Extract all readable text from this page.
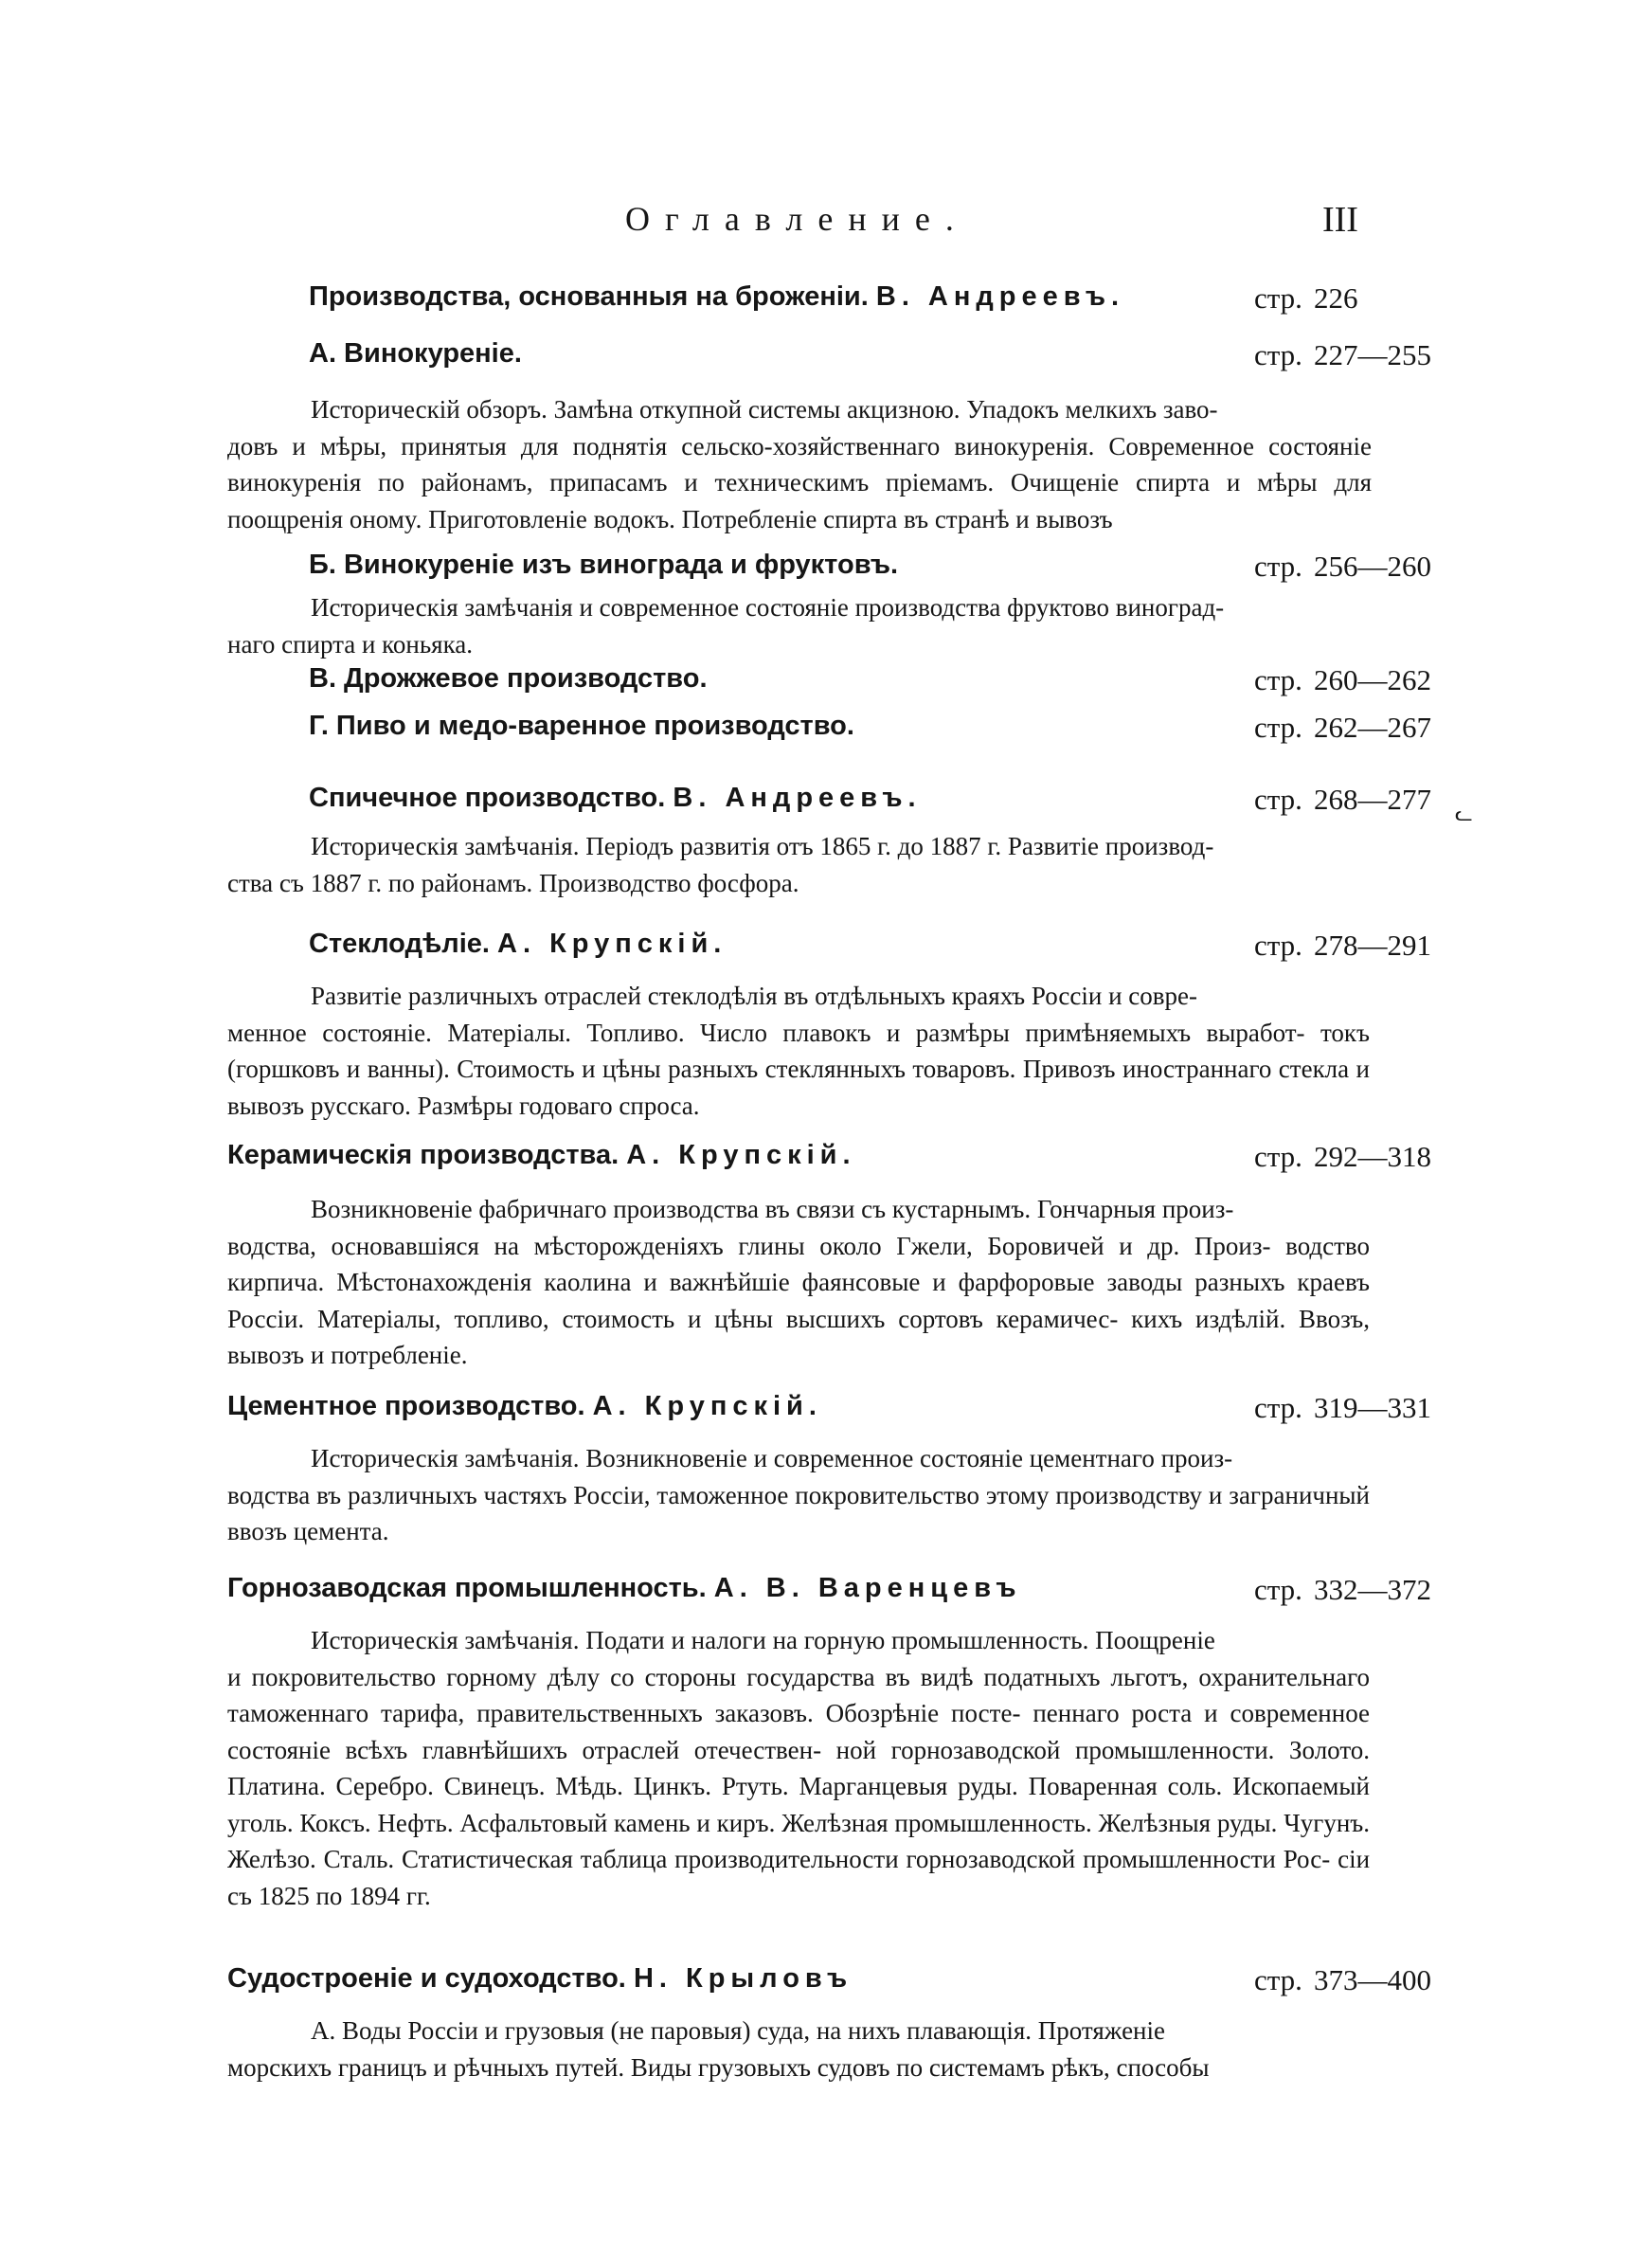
Оглавление.	III
Производства, основанныя на броженіи. В. Андреевъ.	стр. 226
А. Винокуреніе.	стр. 227—255
Историческій обзоръ. Замѣна откупной системы акцизною. Упадокъ мелкихъ заво-
довъ и мѣры, принятыя для поднятія сельско-хозяйственнаго винокуренія. Современное состояніе винокуренія по районамъ, припасамъ и техническимъ пріемамъ. Очищеніе спирта и мѣры для поощренія ономy. Приготовленіе водокъ. Потребленіе спирта въ странѣ и вывозъ
Б. Винокуреніе изъ винограда и фруктовъ.	стр. 256—260
Историческія замѣчанія и современное состояніе производства фруктово виноград-
наго спирта и коньяка.
В. Дрожжевое производство.	стр. 260—262
Г. Пиво и медо-варенное производство.	стр. 262—267
Спичечное производство. В. Андреевъ.	стр. 268—277
Историческія замѣчанія. Періодъ развитія отъ 1865 г. до 1887 г. Развитіе производ-
ства съ 1887 г. по районамъ. Производство фосфора.
ᓚ
Стеклодѣліе. А. Крупскій.	стр. 278—291
Развитіе различныхъ отраслей стеклодѣлія въ отдѣльныхъ краяхъ Россіи и совре-
менное состояніе. Матеріалы. Топливо. Число плавокъ и размѣры примѣняемыхъ выработ- токъ (горшковъ и ванны). Стоимость и цѣны разныхъ стеклянныхъ товаровъ. Привозъ иностраннаго стекла и вывозъ русскаго. Размѣры годоваго спроса.
Керамическія производства. А. Крупскій.	стр. 292—318
Возникновеніе фабричнаго производства въ связи съ кустарнымъ. Гончарныя произ-
водства, основавшіяся на мѣсторожденіяхъ глины около Гжели, Боровичей и др. Произ- водство кирпича. Мѣстонахожденія каолина и важнѣйшіе фаянсовые и фарфоровые заводы разныхъ краевъ Россіи. Матеріалы, топливо, стоимость и цѣны высшихъ сортовъ керамичес- кихъ издѣлій. Ввозъ, вывозъ и потребленіе.
Цементное производство. А. Крупскій.	стр. 319—331
Историческія замѣчанія. Возникновеніе и современное состояніе цементнаго произ-
водства въ различныхъ частяхъ Россіи, таможенное покровительство этому производству и заграничный ввозъ цемента.
Горнозаводская промышленность. А. В. Варенцевъ	стр. 332—372
Историческія замѣчанія. Подати и налоги на горную промышленность. Поощреніе
и покровительство горному дѣлу со стороны государства въ видѣ податныхъ льготъ, охранительнаго таможеннаго тарифа, правительственныхъ заказовъ. Обозрѣніе посте- пеннаго роста и современное состояніе всѣхъ главнѣйшихъ отраслей отечествен- ной горнозаводской промышленности. Золото. Платина. Серебро. Свинецъ. Мѣдь. Цинкъ. Ртуть. Марганцевыя руды. Поваренная соль. Ископаемый уголь. Коксъ. Нефть. Асфальтовый камень и киръ. Желѣзная промышленность. Желѣзныя руды. Чугунъ. Желѣзо. Сталь. Статистическая таблица производительности горнозаводской промышленности Рос- сіи съ 1825 по 1894 гг.
Судостроеніе и судоходство. Н. Крыловъ	стр. 373—400
А. Воды Россіи и грузовыя (не паровыя) суда, на нихъ плавающія. Протяженіе
морскихъ границъ и рѣчныхъ путей. Виды грузовыхъ судовъ по системамъ рѣкъ, способы
